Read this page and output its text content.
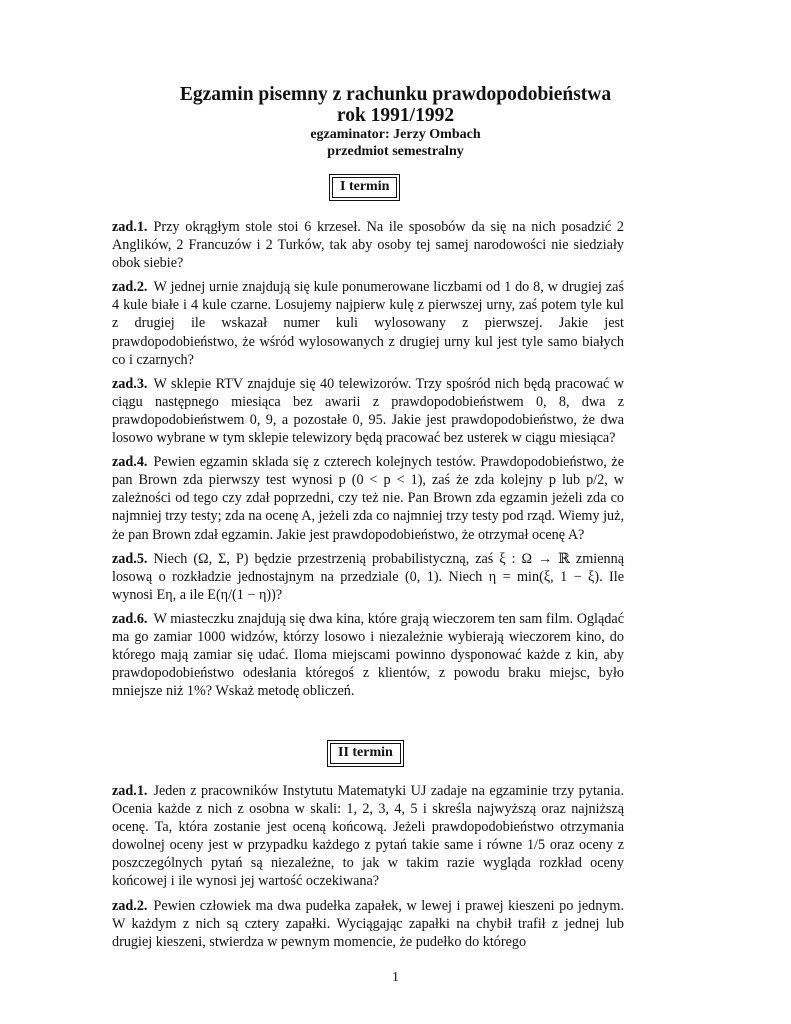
Egzamin pisemny z rachunku prawdopodobieństwa

rok 1991/1992

egzaminator: Jerzy Ombach

przedmiot semestralny

I termin

zad.1. Przy okrągłym stole stoi 6 krzeseł. Na ile sposobów da się na nich posadzić 2 Anglików, 2 Francuzów i 2 Turków, tak aby osoby tej samej narodowości nie siedziały obok siebie?

zad.2. W jednej urnie znajdują się kule ponumerowane liczbami od 1 do 8, w drugiej zaś 4 kule białe i 4 kule czarne. Losujemy najpierw kulę z pierwszej urny, zaś potem tyle kul z drugiej ile wskazał numer kuli wylosowany z pierwszej. Jakie jest prawdopodobieństwo, że wśród wylosowanych z drugiej urny kul jest tyle samo białych co i czarnych?

zad.3. W sklepie RTV znajduje się 40 telewizorów. Trzy spośród nich będą pracować w ciągu następnego miesiąca bez awarii z prawdopodobieństwem 0, 8, dwa z prawdopodobieństwem 0, 9, a pozostałe 0, 95. Jakie jest prawdopodobieństwo, że dwa losowo wybrane w tym sklepie telewizory będą pracować bez usterek w ciągu miesiąca?

zad.4. Pewien egzamin sklada się z czterech kolejnych testów. Prawdopodobieństwo, że pan Brown zda pierwszy test wynosi p (0 < p < 1), zaś że zda kolejny p lub p/2, w zależności od tego czy zdał poprzedni, czy też nie. Pan Brown zda egzamin jeżeli zda co najmniej trzy testy; zda na ocenę A, jeżeli zda co najmniej trzy testy pod rząd. Wiemy już, że pan Brown zdał egzamin. Jakie jest prawdopodobieństwo, że otrzymał ocenę A?

zad.5. Niech (Ω, Σ, P) będzie przestrzenią probabilistyczną, zaś ξ : Ω → ℝ zmienną losową o rozkładzie jednostajnym na przedziale (0, 1). Niech η = min(ξ, 1 − ξ). Ile wynosi Eη, a ile E(η/(1 − η))?

zad.6. W miasteczku znajdują się dwa kina, które grają wieczorem ten sam film. Oglądać ma go zamiar 1000 widzów, którzy losowo i niezależnie wybierają wieczorem kino, do którego mają zamiar się udać. Iloma miejscami powinno dysponować każde z kin, aby prawdopodobieństwo odesłania któregoś z klientów, z powodu braku miejsc, było mniejsze niż 1%? Wskaż metodę obliczeń.

II termin

zad.1. Jeden z pracowników Instytutu Matematyki UJ zadaje na egzaminie trzy pytania. Ocenia każde z nich z osobna w skali: 1, 2, 3, 4, 5 i skreśla najwyższą oraz najniższą ocenę. Ta, która zostanie jest oceną końcową. Jeżeli prawdopodobieństwo otrzymania dowolnej oceny jest w przypadku każdego z pytań takie same i równe 1/5 oraz oceny z poszczególnych pytań są niezależne, to jak w takim razie wygląda rozkład oceny końcowej i ile wynosi jej wartość oczekiwana?

zad.2. Pewien człowiek ma dwa pudełka zapałek, w lewej i prawej kieszeni po jednym. W każdym z nich są cztery zapałki. Wyciągając zapałki na chybił trafił z jednej lub drugiej kieszeni, stwierdza w pewnym momencie, że pudełko do którego

1
